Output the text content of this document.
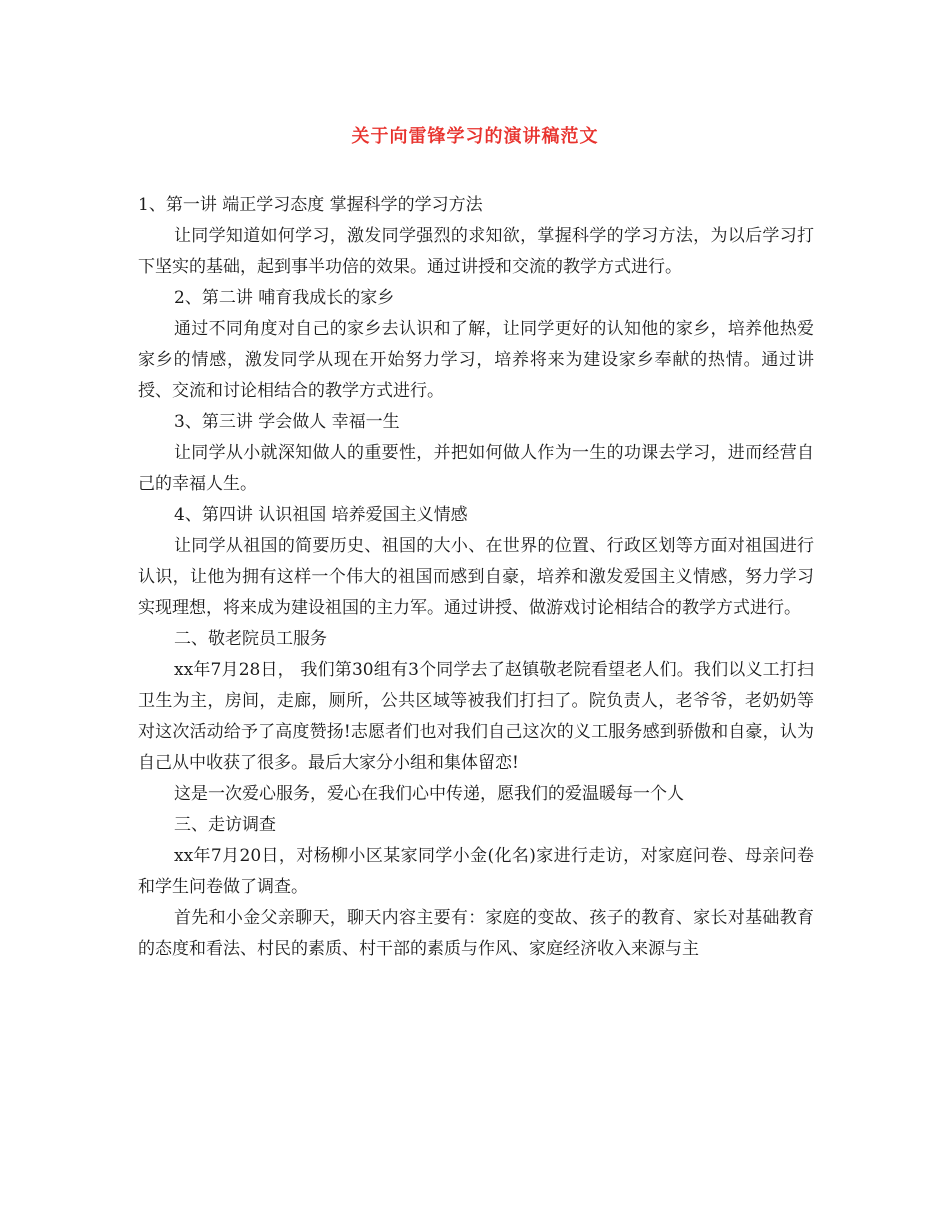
关于向雷锋学习的演讲稿范文

1、第一讲 端正学习态度 掌握科学的学习方法

让同学知道如何学习，激发同学强烈的求知欲，掌握科学的学习方法，为以后学习打下坚实的基础，起到事半功倍的效果。通过讲授和交流的教学方式进行。

2、第二讲 哺育我成长的家乡

通过不同角度对自己的家乡去认识和了解，让同学更好的认知他的家乡，培养他热爱家乡的情感，激发同学从现在开始努力学习，培养将来为建设家乡奉献的热情。通过讲授、交流和讨论相结合的教学方式进行。

3、第三讲 学会做人 幸福一生

让同学从小就深知做人的重要性，并把如何做人作为一生的功课去学习，进而经营自己的幸福人生。

4、第四讲 认识祖国 培养爱国主义情感

让同学从祖国的简要历史、祖国的大小、在世界的位置、行政区划等方面对祖国进行认识，让他为拥有这样一个伟大的祖国而感到自豪，培养和激发爱国主义情感，努力学习实现理想，将来成为建设祖国的主力军。通过讲授、做游戏讨论相结合的教学方式进行。

二、敬老院员工服务

xx年7月28日， 我们第30组有3个同学去了赵镇敬老院看望老人们。我们以义工打扫卫生为主，房间，走廊，厕所，公共区域等被我们打扫了。院负责人，老爷爷，老奶奶等对这次活动给予了高度赞扬!志愿者们也对我们自己这次的义工服务感到骄傲和自豪，认为自己从中收获了很多。最后大家分小组和集体留恋!

这是一次爱心服务，爱心在我们心中传递，愿我们的爱温暖每一个人

三、走访调查

xx年7月20日，对杨柳小区某家同学小金(化名)家进行走访，对家庭问卷、母亲问卷和学生问卷做了调查。

首先和小金父亲聊天，聊天内容主要有：家庭的变故、孩子的教育、家长对基础教育的态度和看法、村民的素质、村干部的素质与作风、家庭经济收入来源与主
